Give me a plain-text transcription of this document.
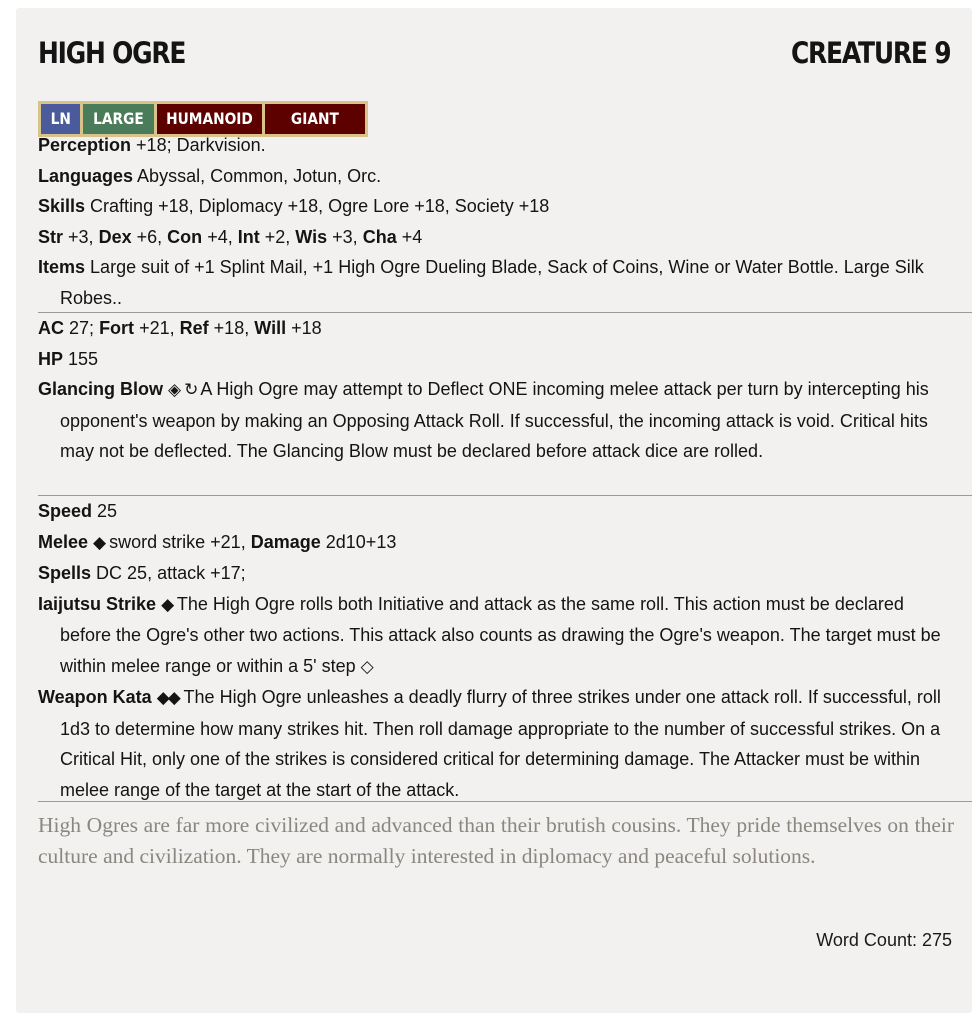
HIGH OGRE	CREATURE 9
LN	LARGE	HUMANOID	GIANT
Perception +18; Darkvision.
Languages Abyssal, Common, Jotun, Orc.
Skills Crafting +18, Diplomacy +18, Ogre Lore +18, Society +18
Str +3, Dex +6, Con +4, Int +2, Wis +3, Cha +4
Items Large suit of +1 Splint Mail, +1 High Ogre Dueling Blade, Sack of Coins, Wine or Water Bottle. Large Silk Robes..
AC 27; Fort +21, Ref +18, Will +18
HP 155
Glancing Blow ◈ ↻ A High Ogre may attempt to Deflect ONE incoming melee attack per turn by intercepting his opponent's weapon by making an Opposing Attack Roll. If successful, the incoming attack is void. Critical hits may not be deflected. The Glancing Blow must be declared before attack dice are rolled.
Speed 25
Melee ◆ sword strike +21, Damage 2d10+13
Spells DC 25, attack +17;
Iaijutsu Strike ◆ The High Ogre rolls both Initiative and attack as the same roll. This action must be declared before the Ogre's other two actions. This attack also counts as drawing the Ogre's weapon. The target must be within melee range or within a 5' step ◇
Weapon Kata ◆◆ The High Ogre unleashes a deadly flurry of three strikes under one attack roll. If successful, roll 1d3 to determine how many strikes hit. Then roll damage appropriate to the number of successful strikes. On a Critical Hit, only one of the strikes is considered critical for determining damage. The Attacker must be within melee range of the target at the start of the attack.
High Ogres are far more civilized and advanced than their brutish cousins. They pride themselves on their culture and civilization. They are normally interested in diplomacy and peaceful solutions.
Word Count: 275
